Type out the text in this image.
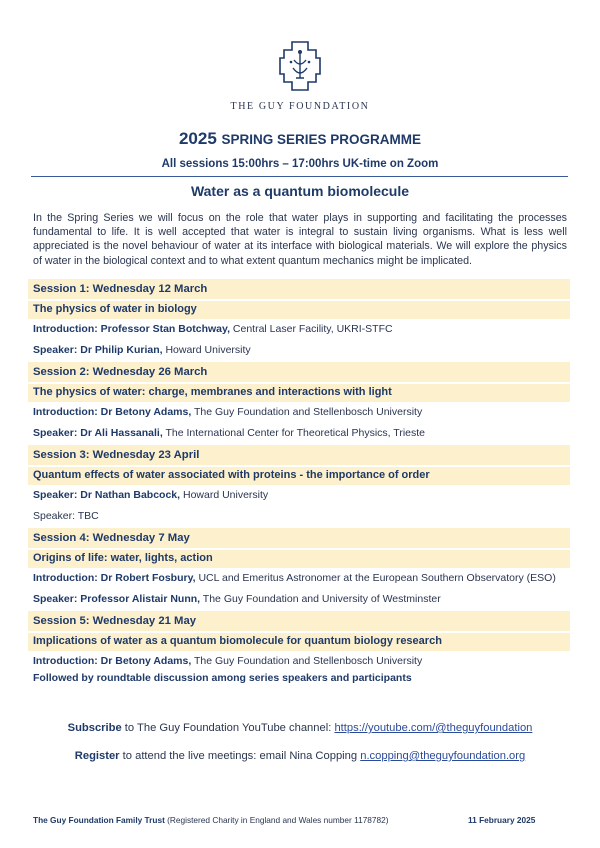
THE GUY FOUNDATION
2025 SPRING SERIES PROGRAMME
All sessions 15:00hrs – 17:00hrs UK-time on Zoom
Water as a quantum biomolecule
In the Spring Series we will focus on the role that water plays in supporting and facilitating the processes fundamental to life. It is well accepted that water is integral to sustain living organisms. What is less well appreciated is the novel behaviour of water at its interface with biological materials. We will explore the physics of water in the biological context and to what extent quantum mechanics might be implicated.
Session 1: Wednesday 12 March
The physics of water in biology
Introduction: Professor Stan Botchway, Central Laser Facility, UKRI-STFC
Speaker: Dr Philip Kurian, Howard University
Session 2: Wednesday 26 March
The physics of water: charge, membranes and interactions with light
Introduction: Dr Betony Adams, The Guy Foundation and Stellenbosch University
Speaker: Dr Ali Hassanali, The International Center for Theoretical Physics, Trieste
Session 3: Wednesday 23 April
Quantum effects of water associated with proteins - the importance of order
Speaker: Dr Nathan Babcock, Howard University
Speaker: TBC
Session 4: Wednesday 7 May
Origins of life: water, lights, action
Introduction: Dr Robert Fosbury, UCL and Emeritus Astronomer at the European Southern Observatory (ESO)
Speaker: Professor Alistair Nunn, The Guy Foundation and University of Westminster
Session 5: Wednesday 21 May
Implications of water as a quantum biomolecule for quantum biology research
Introduction: Dr Betony Adams, The Guy Foundation and Stellenbosch University
Followed by roundtable discussion among series speakers and participants
Subscribe to The Guy Foundation YouTube channel: https://youtube.com/@theguyfoundation
Register to attend the live meetings: email Nina Copping n.copping@theguyfoundation.org
The Guy Foundation Family Trust (Registered Charity in England and Wales number 1178782)	11 February 2025
